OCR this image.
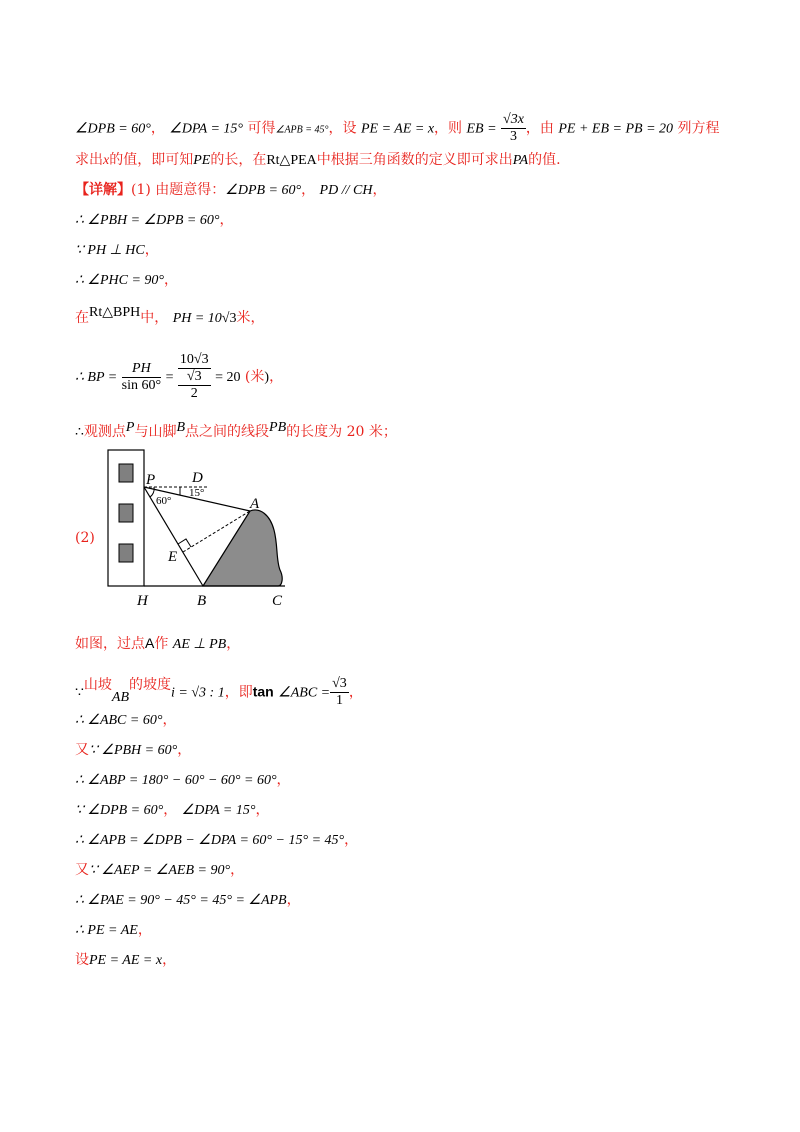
∠DPB = 60°， ∠DPA = 15° 可得∠APB = 45°，设 PE = AE = x，则 EB = $\frac{√3x}{3}$ ，由 PE + EB = PB = 20 列方程
求出x的值，即可知PE的长，在Rt△PEA中根据三角函数的定义即可求出PA的值.
【详解】(1) 由题意得：∠DPB = 60°， PD // CH，
∴ ∠PBH = ∠DPB = 60°，
∵ PH ⊥ HC，
∴ ∠PHC = 90°，
在Rt△BPH中， PH = 10√3米，
∴ BP = $\frac{PH}{\sin 60^\circ} = 10√3$
√3
2 = 20 (米)，
∴观测点P与山脚B点之间的线段PB的长度为 20 米；
(2)
P D
A
E
H	B	C
60°
15°
如图，过点A作 AE ⊥ PB，
∵山坡AB的坡度i = √3 : 1，即tan ∠ABC = $\frac{√3}{1}$ ，
∴ ∠ABC = 60°，
又∵ ∠PBH = 60°，
∴ ∠ABP = 180° − 60° − 60° = 60°，
∵ ∠DPB = 60°， ∠DPA = 15°，
∴ ∠APB = ∠DPB − ∠DPA = 60° − 15° = 45°，
又∵ ∠AEP = ∠AEB = 90°，
∴ ∠PAE = 90° − 45° = 45° = ∠APB，
∴ PE = AE，
设PE = AE = x，
